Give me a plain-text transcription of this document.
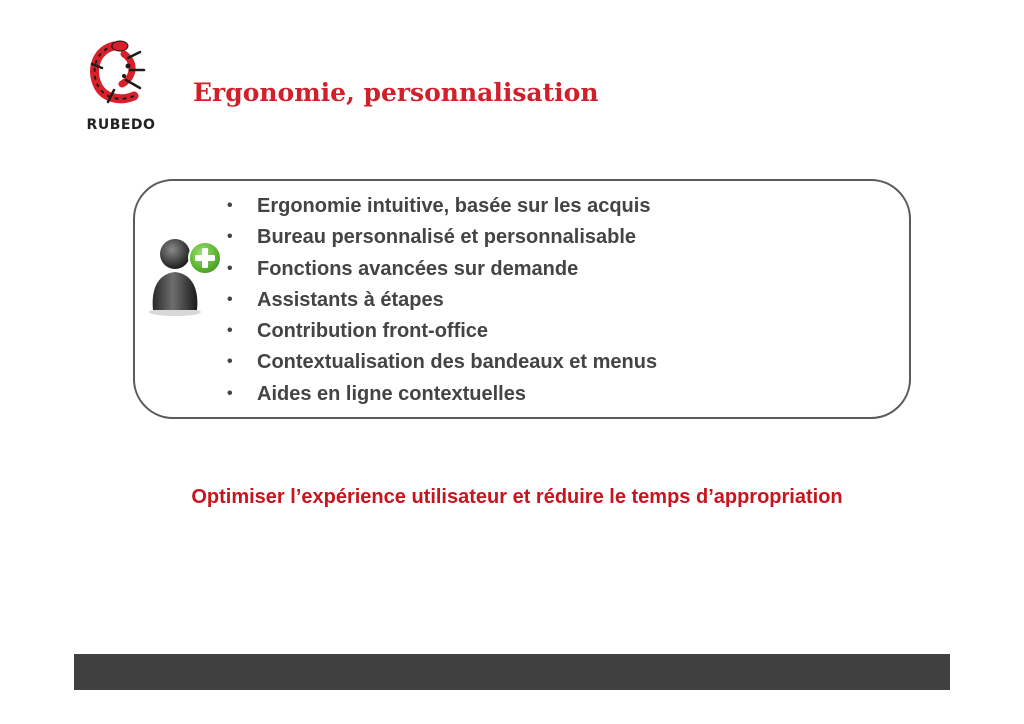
RUBEDO
Ergonomie, personnalisation
• Ergonomie intuitive, basée sur les acquis
• Bureau personnalisé et personnalisable
• Fonctions avancées sur demande
• Assistants à étapes
• Contribution front-office
• Contextualisation des bandeaux et menus
• Aides en ligne contextuelles
Optimiser l’expérience utilisateur et réduire le temps d’appropriation
